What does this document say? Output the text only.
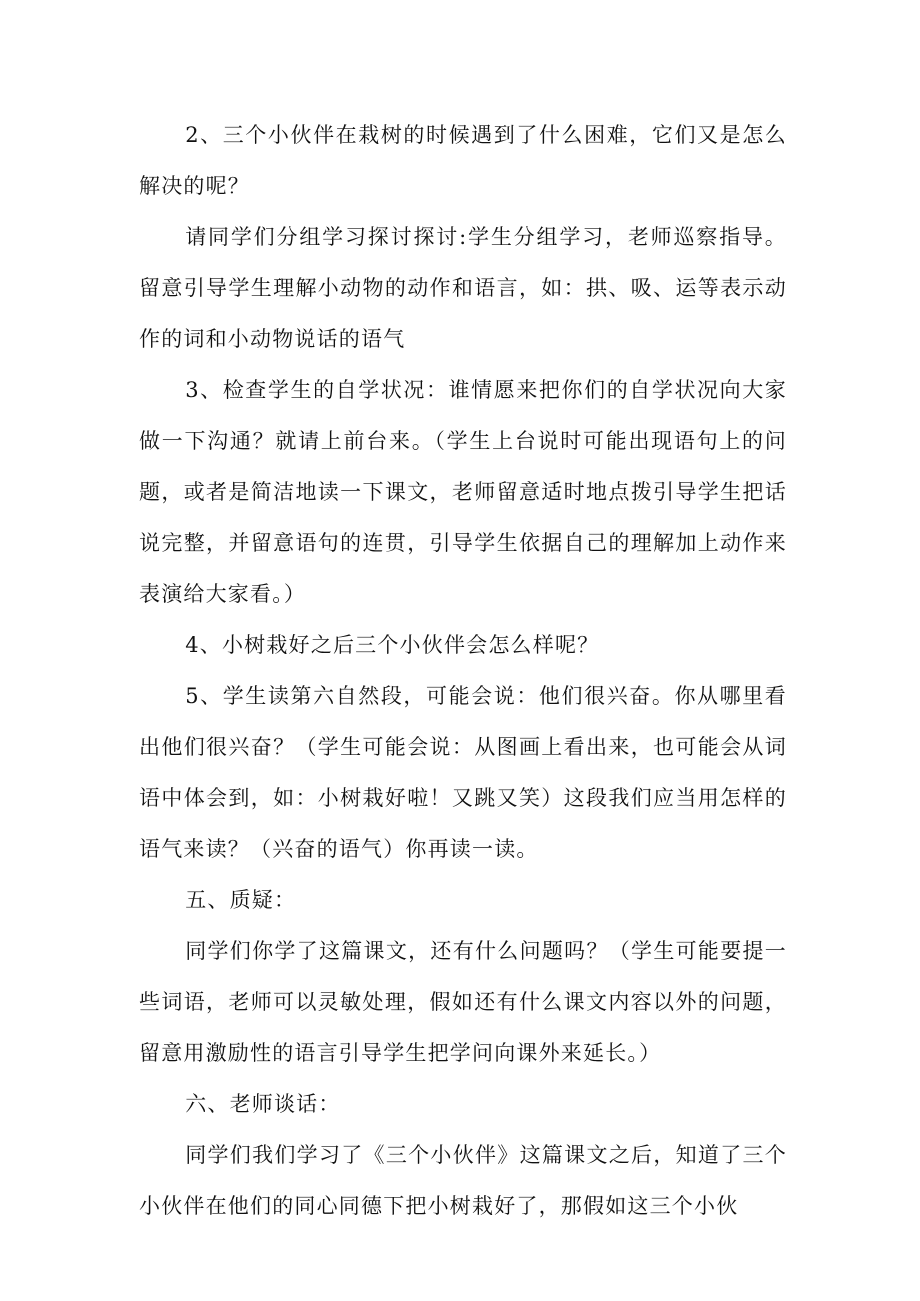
2、三个小伙伴在栽树的时候遇到了什么困难，它们又是怎么解决的呢？

请同学们分组学习探讨探讨:学生分组学习，老师巡察指导。留意引导学生理解小动物的动作和语言，如：拱、吸、运等表示动作的词和小动物说话的语气

3、检查学生的自学状况：谁情愿来把你们的自学状况向大家做一下沟通？就请上前台来。（学生上台说时可能出现语句上的问题，或者是简洁地读一下课文，老师留意适时地点拨引导学生把话说完整，并留意语句的连贯，引导学生依据自己的理解加上动作来表演给大家看。）

4、小树栽好之后三个小伙伴会怎么样呢？

5、学生读第六自然段，可能会说：他们很兴奋。你从哪里看出他们很兴奋？（学生可能会说：从图画上看出来，也可能会从词语中体会到，如：小树栽好啦！又跳又笑）这段我们应当用怎样的语气来读？（兴奋的语气）你再读一读。

五、质疑：

同学们你学了这篇课文，还有什么问题吗？（学生可能要提一些词语，老师可以灵敏处理，假如还有什么课文内容以外的问题，留意用激励性的语言引导学生把学问向课外来延长。）

六、老师谈话：

同学们我们学习了《三个小伙伴》这篇课文之后，知道了三个小伙伴在他们的同心同德下把小树栽好了，那假如这三个小伙
